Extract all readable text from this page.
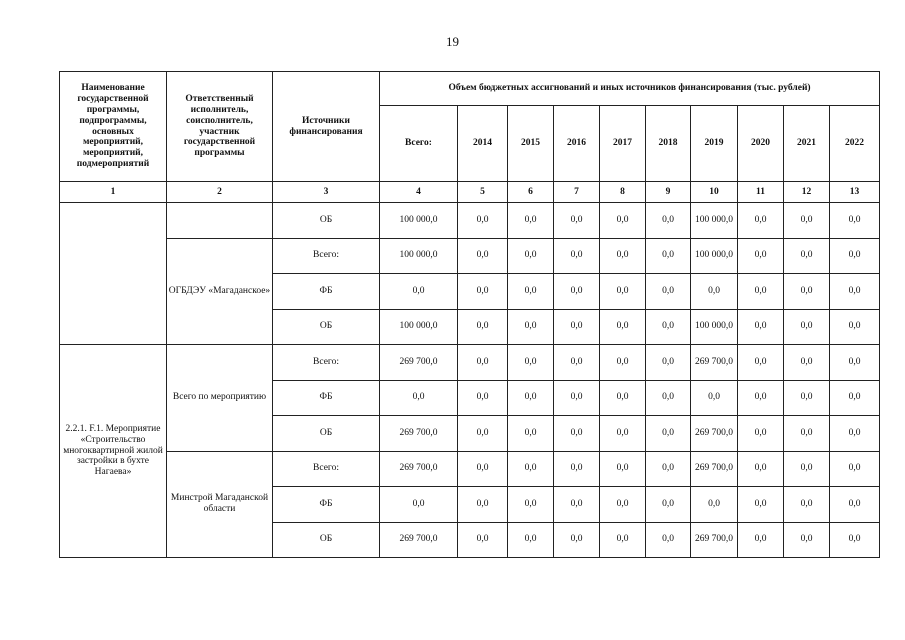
19
Наименование государственной программы, подпрограммы, основных мероприятий, мероприятий, подмероприятий	Ответственный исполнитель, соисполнитель, участник государственной программы	Источники финансирования	Объем бюджетных ассигнований и иных источников финансирования (тыс. рублей)									
			Всего:	2014	2015	2016	2017	2018	2019	2020	2021	2022
1	2	3	4	5	6	7	8	9	10	11	12	13
		ОБ	100 000,0	0,0	0,0	0,0	0,0	0,0	100 000,0	0,0	0,0	0,0
	ОГБДЭУ «Магаданское»	Всего:	100 000,0	0,0	0,0	0,0	0,0	0,0	100 000,0	0,0	0,0	0,0
		ФБ	0,0	0,0	0,0	0,0	0,0	0,0	0,0	0,0	0,0	0,0
		ОБ	100 000,0	0,0	0,0	0,0	0,0	0,0	100 000,0	0,0	0,0	0,0
2.2.1. F.1. Мероприятие «Строительство многоквартирной жилой застройки в бухте Нагаева»	Всего по мероприятию	Всего:	269 700,0	0,0	0,0	0,0	0,0	0,0	269 700,0	0,0	0,0	0,0
		ФБ	0,0	0,0	0,0	0,0	0,0	0,0	0,0	0,0	0,0	0,0
		ОБ	269 700,0	0,0	0,0	0,0	0,0	0,0	269 700,0	0,0	0,0	0,0
	Минстрой Магаданской области	Всего:	269 700,0	0,0	0,0	0,0	0,0	0,0	269 700,0	0,0	0,0	0,0
		ФБ	0,0	0,0	0,0	0,0	0,0	0,0	0,0	0,0	0,0	0,0
		ОБ	269 700,0	0,0	0,0	0,0	0,0	0,0	269 700,0	0,0	0,0	0,0
